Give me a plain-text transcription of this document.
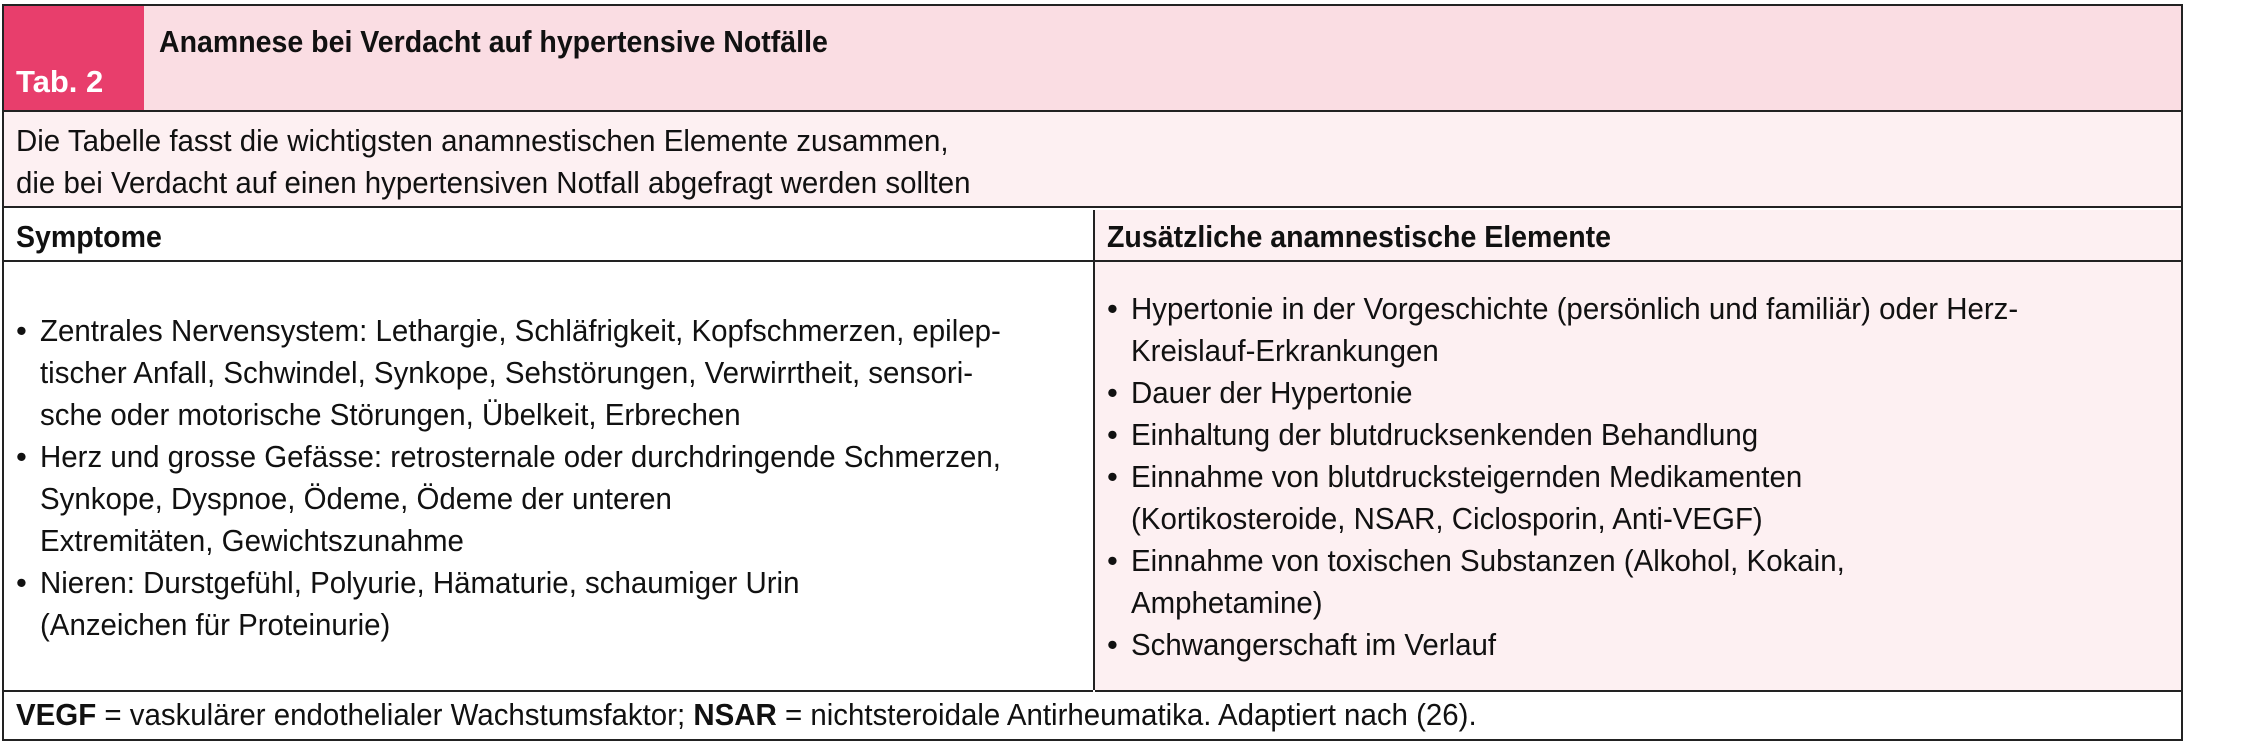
Tab. 2
Anamnese bei Verdacht auf hypertensive Notfälle
Die Tabelle fasst die wichtigsten anamnestischen Elemente zusammen,
die bei Verdacht auf einen hypertensiven Notfall abgefragt werden sollten
Symptome	Zusätzliche anamnestische Elemente
• Zentrales Nervensystem: Lethargie, Schläfrigkeit, Kopfschmerzen, epilep-
tischer Anfall, Schwindel, Synkope, Sehstörungen, Verwirrtheit, sensori-
sche oder motorische Störungen, Übelkeit, Erbrechen
• Herz und grosse Gefässe: retrosternale oder durchdringende Schmerzen,
Synkope, Dyspnoe, Ödeme, Ödeme der unteren
Extremitäten, Gewichtszunahme
• Nieren: Durstgefühl, Polyurie, Hämaturie, schaumiger Urin
(Anzeichen für Proteinurie)
• Hypertonie in der Vorgeschichte (persönlich und familiär) oder Herz-
Kreislauf-Erkrankungen
• Dauer der Hypertonie
• Einhaltung der blutdrucksenkenden Behandlung
• Einnahme von blutdrucksteigernden Medikamenten
(Kortikosteroide, NSAR, Ciclosporin, Anti-VEGF)
• Einnahme von toxischen Substanzen (Alkohol, Kokain,
Amphetamine)
• Schwangerschaft im Verlauf
VEGF = vaskulärer endothelialer Wachstumsfaktor; NSAR = nichtsteroidale Antirheumatika. Adaptiert nach (26).
